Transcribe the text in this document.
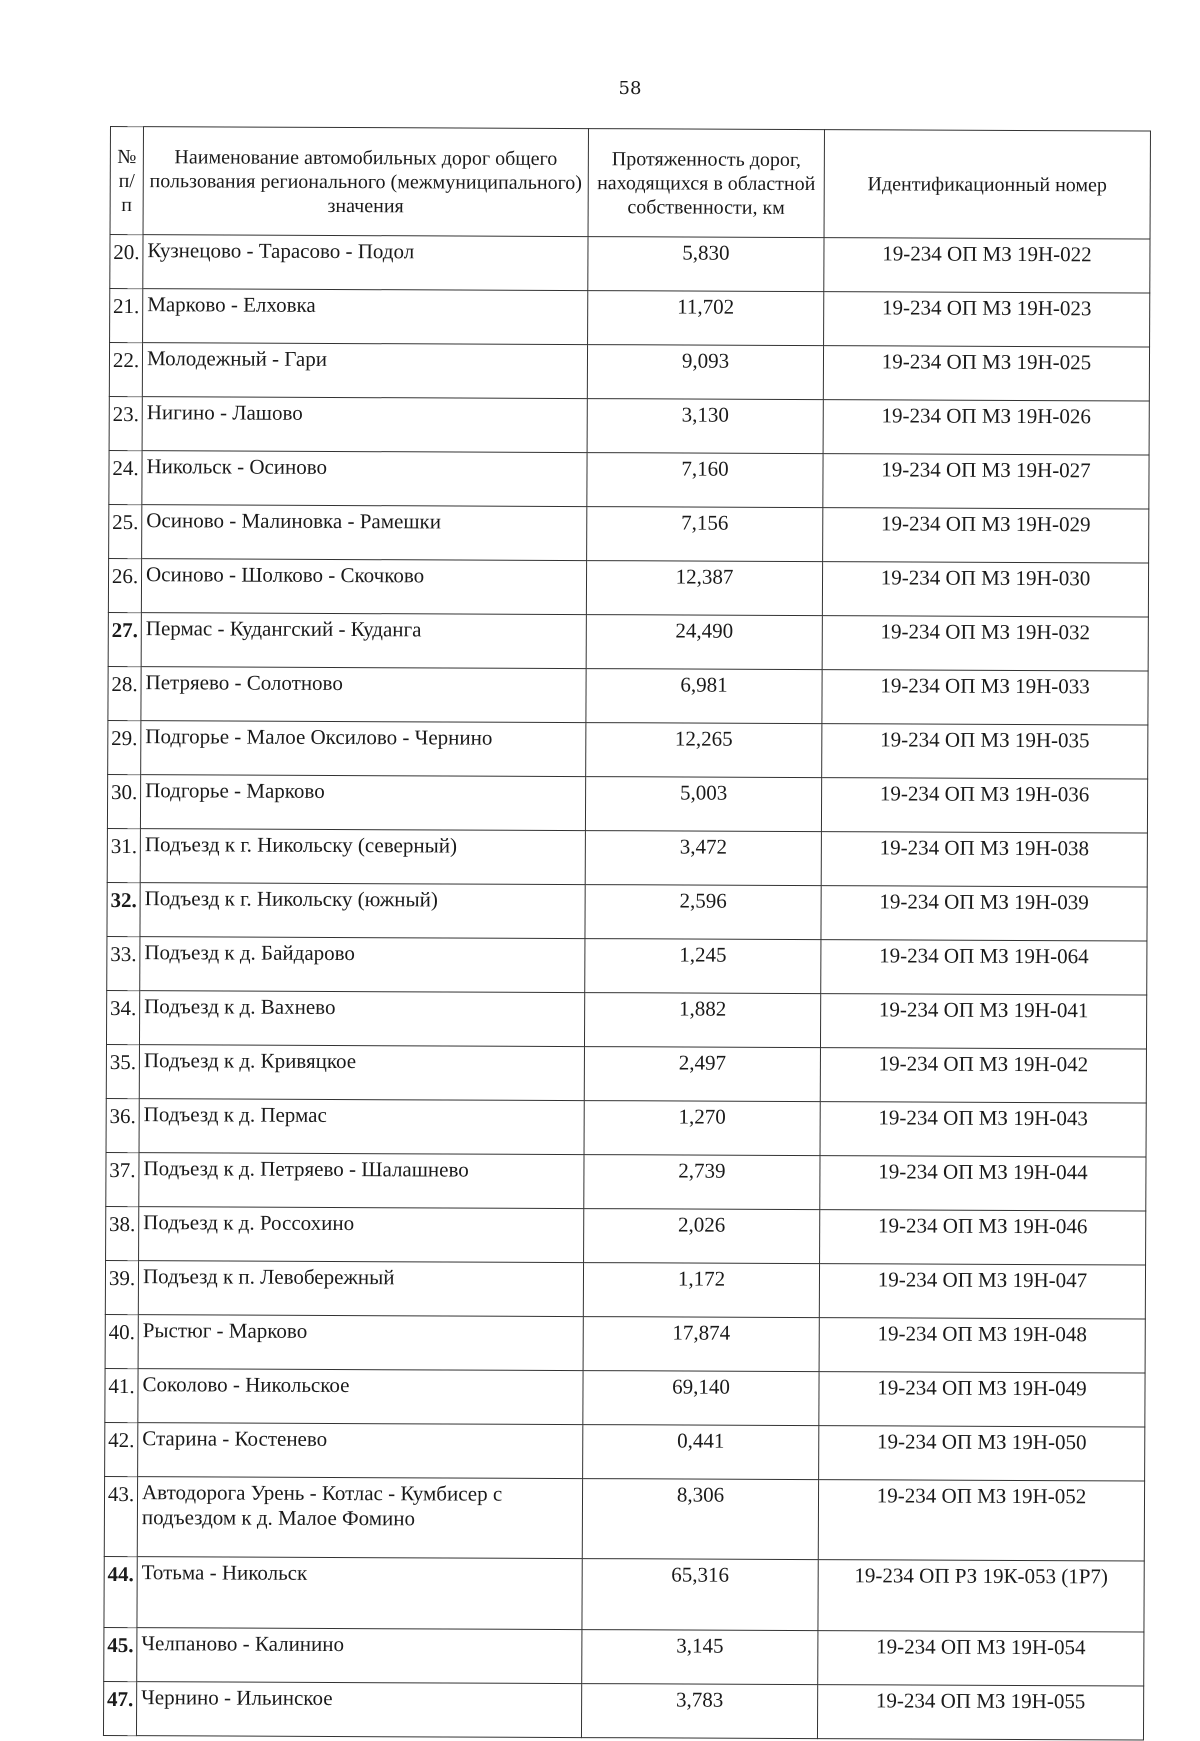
58
№ п/п	Наименование автомобильных дорог общего пользования регионального (межмуниципального) значения	Протяженность дорог, находящихся в областной собственности, км	Идентификационный номер
20.	Кузнецово - Тарасово - Подол	5,830	19-234 ОП МЗ 19Н-022
21.	Марково - Елховка	11,702	19-234 ОП МЗ 19Н-023
22.	Молодежный - Гари	9,093	19-234 ОП МЗ 19Н-025
23.	Нигино - Лашово	3,130	19-234 ОП МЗ 19Н-026
24.	Никольск - Осиново	7,160	19-234 ОП МЗ 19Н-027
25.	Осиново - Малиновка - Рамешки	7,156	19-234 ОП МЗ 19Н-029
26.	Осиново - Шолково - Скочково	12,387	19-234 ОП МЗ 19Н-030
27.	Пермас - Кудангский - Куданга	24,490	19-234 ОП МЗ 19Н-032
28.	Петряево - Солотново	6,981	19-234 ОП МЗ 19Н-033
29.	Подгорье - Малое Оксилово - Чернино	12,265	19-234 ОП МЗ 19Н-035
30.	Подгорье - Марково	5,003	19-234 ОП МЗ 19Н-036
31.	Подъезд к г. Никольску (северный)	3,472	19-234 ОП МЗ 19Н-038
32.	Подъезд к г. Никольску (южный)	2,596	19-234 ОП МЗ 19Н-039
33.	Подъезд к д. Байдарово	1,245	19-234 ОП МЗ 19Н-064
34.	Подъезд к д. Вахнево	1,882	19-234 ОП МЗ 19Н-041
35.	Подъезд к д. Кривяцкое	2,497	19-234 ОП МЗ 19Н-042
36.	Подъезд к д. Пермас	1,270	19-234 ОП МЗ 19Н-043
37.	Подъезд к д. Петряево - Шалашнево	2,739	19-234 ОП МЗ 19Н-044
38.	Подъезд к д. Россохино	2,026	19-234 ОП МЗ 19Н-046
39.	Подъезд к п. Левобережный	1,172	19-234 ОП МЗ 19Н-047
40.	Рыстюг - Марково	17,874	19-234 ОП МЗ 19Н-048
41.	Соколово - Никольское	69,140	19-234 ОП МЗ 19Н-049
42.	Старина - Костенево	0,441	19-234 ОП МЗ 19Н-050
43.	Автодорога Урень - Котлас - Кумбисер с подъездом к д. Малое Фомино	8,306	19-234 ОП МЗ 19Н-052
44.	Тотьма - Никольск	65,316	19-234 ОП РЗ 19К-053 (1Р7)
45.	Челпаново - Калинино	3,145	19-234 ОП МЗ 19Н-054
47.	Чернино - Ильинское	3,783	19-234 ОП МЗ 19Н-055
